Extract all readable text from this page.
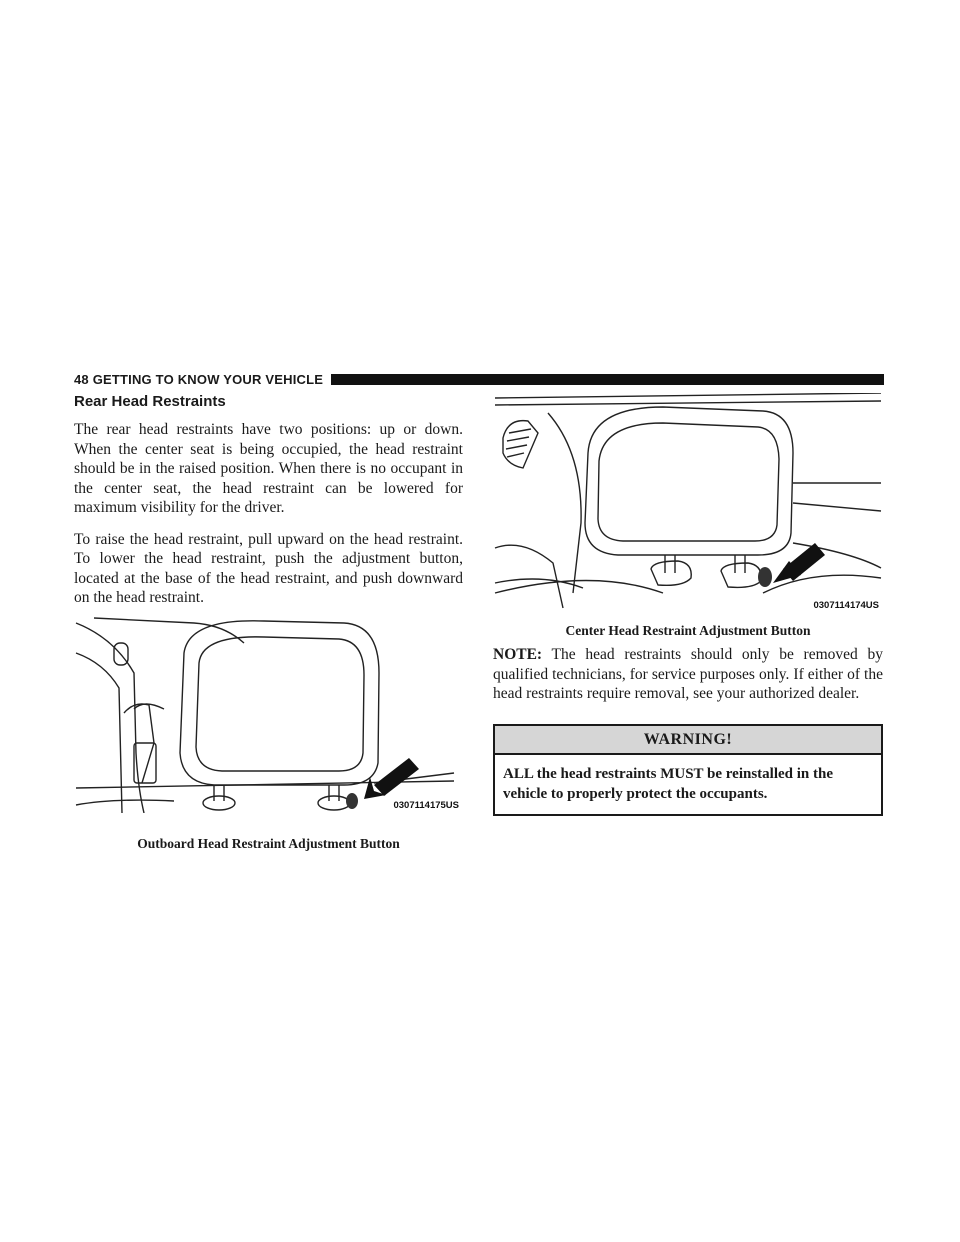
48 GETTING TO KNOW YOUR VEHICLE
Rear Head Restraints

The rear head restraints have two positions: up or down. When the center seat is being occupied, the head restraint should be in the raised position. When there is no occupant in the center seat, the head restraint can be lowered for maximum visibility for the driver.

To raise the head restraint, pull upward on the head restraint. To lower the head restraint, push the adjustment button, located at the base of the head restraint, and push downward on the head restraint.

0307114175US
Outboard Head Restraint Adjustment Button
0307114174US
Center Head Restraint Adjustment Button

NOTE: The head restraints should only be removed by qualified technicians, for service purposes only. If either of the head restraints require removal, see your authorized dealer.

WARNING!
ALL the head restraints MUST be reinstalled in the vehicle to properly protect the occupants.
